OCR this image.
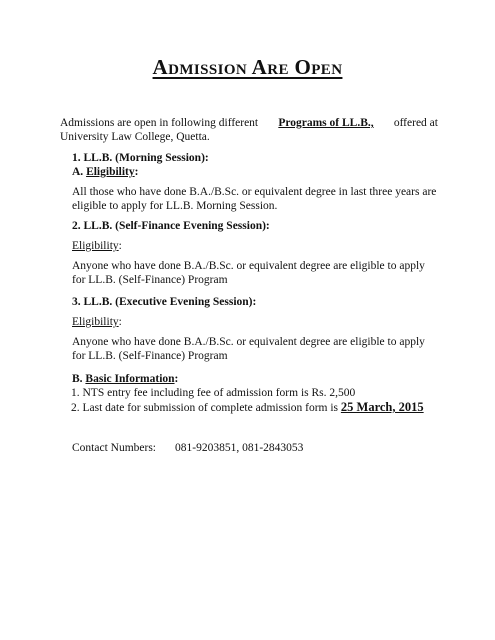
Admission Are Open
Admissions are open in following different Programs of LL.B., offered at
University Law College, Quetta.
1. LL.B. (Morning Session):
A. Eligibility:
All those who have done B.A./B.Sc. or equivalent degree in last three years are eligible to apply for LL.B. Morning Session.
2. LL.B. (Self-Finance Evening Session):
Eligibility:
Anyone who have done B.A./B.Sc. or equivalent degree are eligible to apply for LL.B. (Self-Finance) Program
3. LL.B. (Executive Evening Session):
Eligibility:
Anyone who have done B.A./B.Sc. or equivalent degree are eligible to apply for LL.B. (Self-Finance) Program
B. Basic Information:
1. NTS entry fee including fee of admission form is Rs. 2,500
2. Last date for submission of complete admission form is 25 March, 2015
Contact Numbers: 081-9203851, 081-2843053
